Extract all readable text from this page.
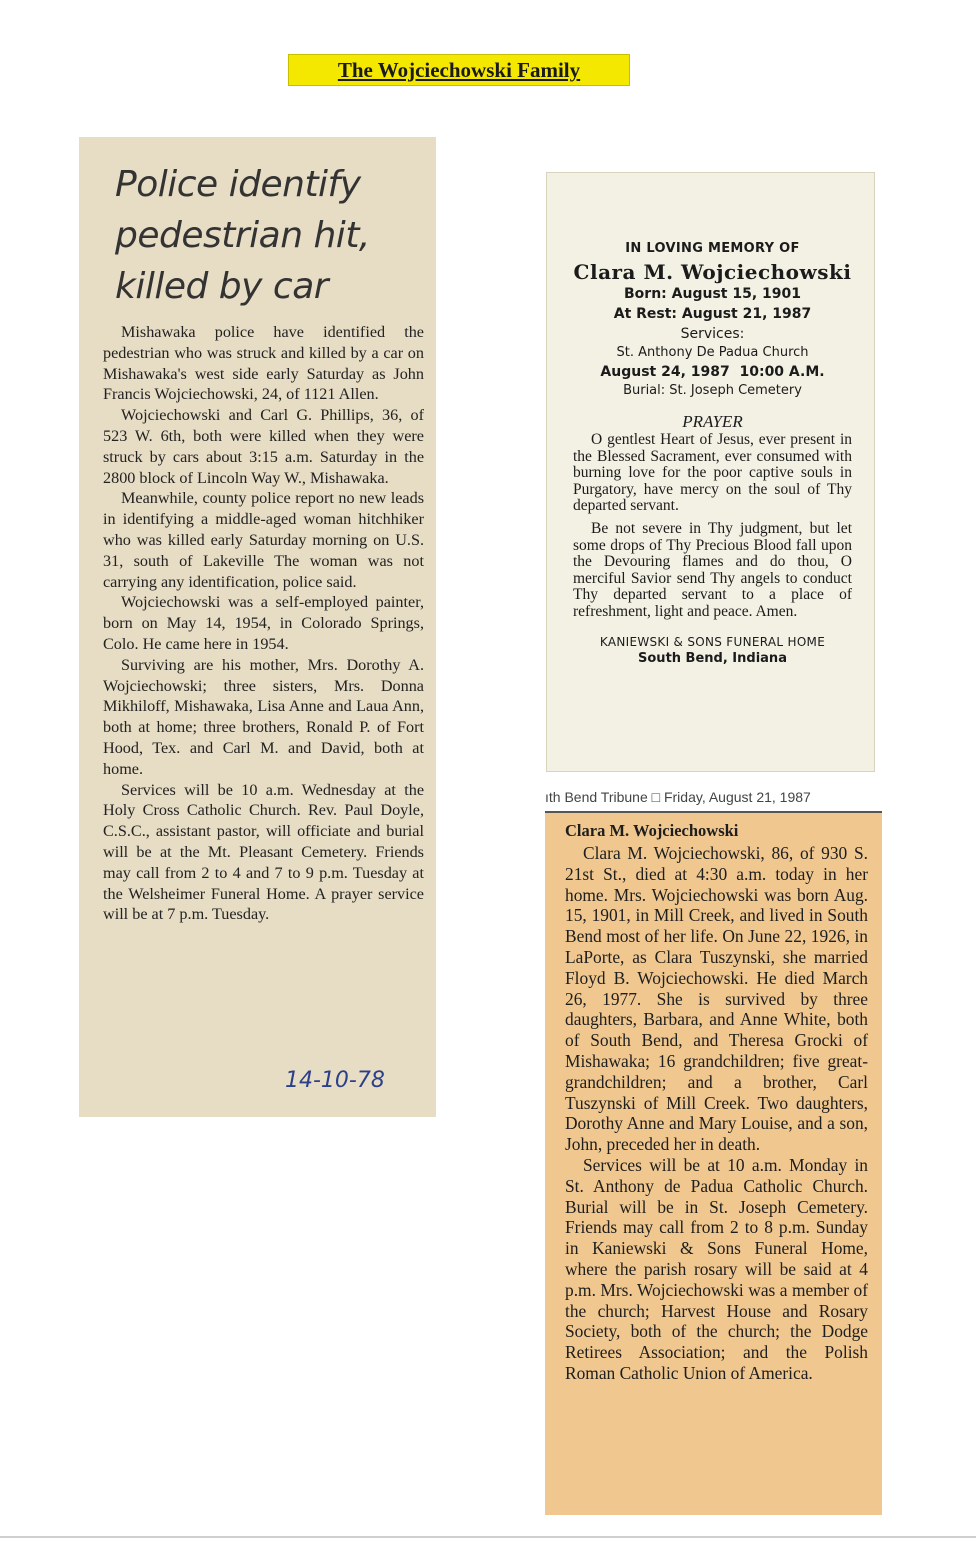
The Wojciechowski Family
Police identify
pedestrian hit,
killed by car

Mishawaka police have identified the pedestrian who was struck and killed by a car on Mishawaka's west side early Saturday as John Francis Wojciechowski, 24, of 1121 Allen.

Wojciechowski and Carl G. Phillips, 36, of 523 W. 6th, both were killed when they were struck by cars about 3:15 a.m. Saturday in the 2800 block of Lincoln Way W., Mishawaka.

Meanwhile, county police report no new leads in identifying a middle-aged woman hitchhiker who was killed early Saturday morning on U.S. 31, south of Lakeville The woman was not carrying any identification, police said.

Wojciechowski was a self-employed painter, born on May 14, 1954, in Colorado Springs, Colo. He came here in 1954.

Surviving are his mother, Mrs. Dorothy A. Wojciechowski; three sisters, Mrs. Donna Mikhiloff, Mishawaka, Lisa Anne and Laua Ann, both at home; three brothers, Ronald P. of Fort Hood, Tex. and Carl M. and David, both at home.

Services will be 10 a.m. Wednesday at the Holy Cross Catholic Church. Rev. Paul Doyle, C.S.C., assistant pastor, will officiate and burial will be at the Mt. Pleasant Cemetery. Friends may call from 2 to 4 and 7 to 9 p.m. Tuesday at the Welsheimer Funeral Home. A prayer service will be at 7 p.m. Tuesday.

14-10-78
IN LOVING MEMORY OF
Clara M. Wojciechowski
Born: August 15, 1901
At Rest: August 21, 1987
Services:
St. Anthony De Padua Church
August 24, 1987  10:00 A.M.
Burial: St. Joseph Cemetery
PRAYER

O gentlest Heart of Jesus, ever present in the Blessed Sacrament, ever consumed with burning love for the poor captive souls in Purgatory, have mercy on the soul of Thy departed servant.

Be not severe in Thy judgment, but let some drops of Thy Precious Blood fall upon the Devouring flames and do thou, O merciful Savior send Thy angels to conduct Thy departed servant to a place of refreshment, light and peace. Amen.

KANIEWSKI & SONS FUNERAL HOME
South Bend, Indiana
ıth Bend Tribune □ Friday, August 21, 1987
Clara M. Wojciechowski

Clara M. Wojciechowski, 86, of 930 S. 21st St., died at 4:30 a.m. today in her home. Mrs. Wojciechowski was born Aug. 15, 1901, in Mill Creek, and lived in South Bend most of her life. On June 22, 1926, in LaPorte, as Clara Tuszynski, she married Floyd B. Wojciechowski. He died March 26, 1977. She is survived by three daughters, Barbara, and Anne White, both of South Bend, and Theresa Grocki of Mishawaka; 16 grandchildren; five great-grandchildren; and a brother, Carl Tuszynski of Mill Creek. Two daughters, Dorothy Anne and Mary Louise, and a son, John, preceded her in death.

Services will be at 10 a.m. Monday in St. Anthony de Padua Catholic Church. Burial will be in St. Joseph Cemetery. Friends may call from 2 to 8 p.m. Sunday in Kaniewski & Sons Funeral Home, where the parish rosary will be said at 4 p.m. Mrs. Wojciechowski was a member of the church; Harvest House and Rosary Society, both of the church; the Dodge Retirees Association; and the Polish Roman Catholic Union of America.
